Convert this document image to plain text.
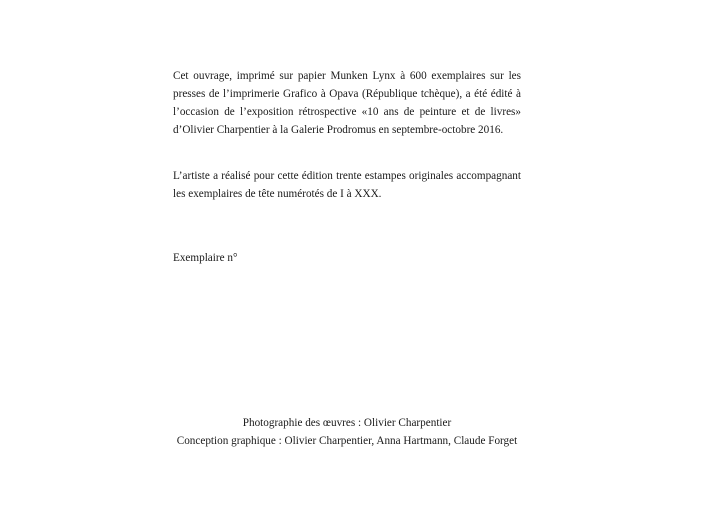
Cet ouvrage, imprimé sur papier Munken Lynx à 600 exemplaires sur les presses de l’imprimerie Grafico à Opava (République tchèque), a été édité à l’occasion de l’exposition rétrospective «10 ans de peinture et de livres» d’Olivier Charpentier à la Galerie Prodromus en septembre-octobre 2016.

L’artiste a réalisé pour cette édition trente estampes originales accompagnant les exemplaires de tête numérotés de I à XXX.

Exemplaire n°

Photographie des œuvres : Olivier Charpentier
Conception graphique : Olivier Charpentier, Anna Hartmann, Claude Forget
